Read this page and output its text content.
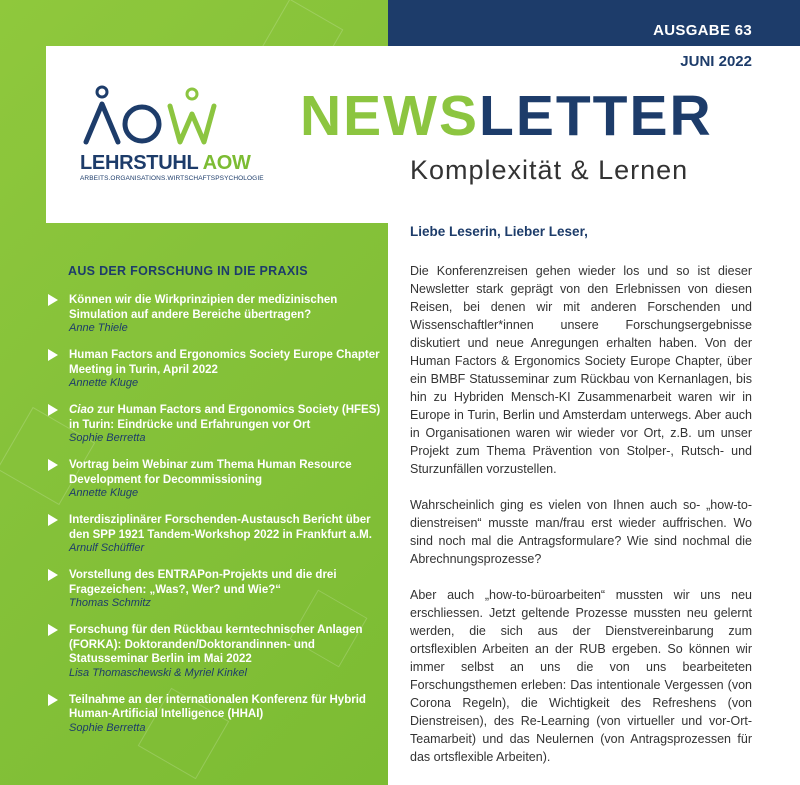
AUSGABE 63
JUNI 2022
LEHRSTUHL AOW
ARBEITS.ORGANISATIONS.WIRTSCHAFTSPSYCHOLOGIE
NEWSLETTER
Komplexität & Lernen
AUS DER FORSCHUNG IN DIE PRAXIS
Können wir die Wirkprinzipien der medizinischen Simulation auf andere Bereiche übertragen?
Anne Thiele
Human Factors and Ergonomics Society Europe Chapter Meeting in Turin, April 2022
Annette Kluge
Ciao zur Human Factors and Ergonomics Society (HFES) in Turin: Eindrücke und Erfahrungen vor Ort
Sophie Berretta
Vortrag beim Webinar zum Thema Human Resource Development for Decommissioning
Annette Kluge
Interdisziplinärer Forschenden-Austausch Bericht über den SPP 1921 Tandem-Workshop 2022 in Frankfurt a.M.
Arnulf Schüffler
Vorstellung des ENTRAPon-Projekts und die drei Fragezeichen: „Was?, Wer? und Wie?“
Thomas Schmitz
Forschung für den Rückbau kerntechnischer Anlagen (FORKA): Doktoranden/Doktorandinnen- und Statusseminar Berlin im Mai 2022
Lisa Thomaschewski & Myriel Kinkel
Teilnahme an der internationalen Konferenz für Hybrid Human-Artificial Intelligence (HHAI)
Sophie Berretta
Liebe Leserin, Lieber Leser,

Die Konferenzreisen gehen wieder los und so ist dieser Newsletter stark geprägt von den Erlebnissen von diesen Reisen, bei denen wir mit anderen Forschenden und Wissenschaftler*innen unsere Forschungsergebnisse diskutiert und neue Anregungen erhalten haben. Von der Human Factors & Ergonomics Society Europe Chapter, über ein BMBF Statusseminar zum Rückbau von Kernanlagen, bis hin zu Hybriden Mensch-KI Zusammenarbeit waren wir in Europe in Turin, Berlin und Amsterdam unterwegs. Aber auch in Organisationen waren wir wieder vor Ort, z.B. um unser Projekt zum Thema Prävention von Stolper-, Rutsch- und Sturzunfällen vorzustellen.

Wahrscheinlich ging es vielen von Ihnen auch so- „how-to-dienstreisen“ musste man/frau erst wieder auffrischen. Wo sind noch mal die Antragsformulare? Wie sind nochmal die Abrechnungsprozesse?

Aber auch „how-to-büroarbeiten“ mussten wir uns neu erschliessen. Jetzt geltende Prozesse mussten neu gelernt werden, die sich aus der Dienstvereinbarung zum ortsflexiblen Arbeiten an der RUB ergeben. So können wir immer selbst an uns die von uns bearbeiteten Forschungsthemen erleben: Das intentionale Vergessen (von Corona Regeln), die Wichtigkeit des Refreshens (von Dienstreisen), des Re-Learning (von virtueller und vor-Ort-Teamarbeit) und das Neulernen (von Antragsprozessen für das ortsflexible Arbeiten).
